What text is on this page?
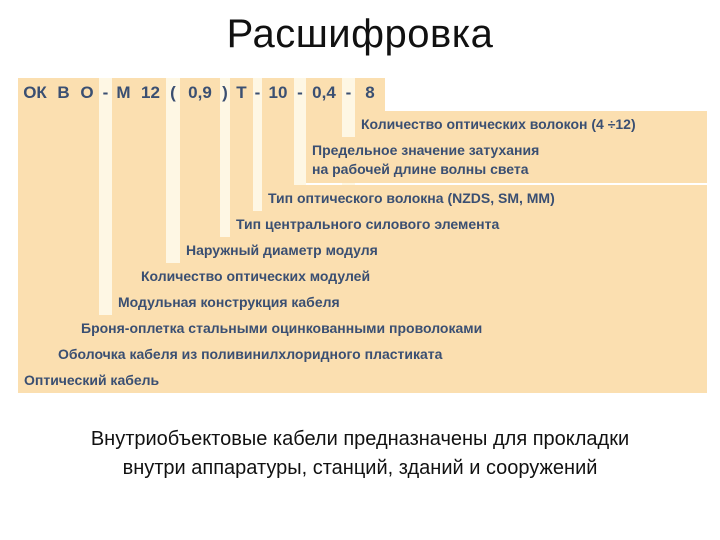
Расшифровка
Количество оптических волокон (4 ÷12)
Предельное значение затухания
на рабочей длине волны света
Тип оптического волокна (NZDS, SM, MM)
Тип центрального силового элемента
Наружный диаметр модуля
Количество оптических модулей
Модульная конструкция кабеля
Броня-оплетка стальными оцинкованными проволоками
Оболочка кабеля из поливинилхлоридного пластиката
Оптический кабель
ОК В О - М 12 ( 0,9 ) Т - 10 - 0,4 - 8
Внутриобъектовые кабели предназначены для прокладки внутри аппаратуры, станций, зданий и сооружений
